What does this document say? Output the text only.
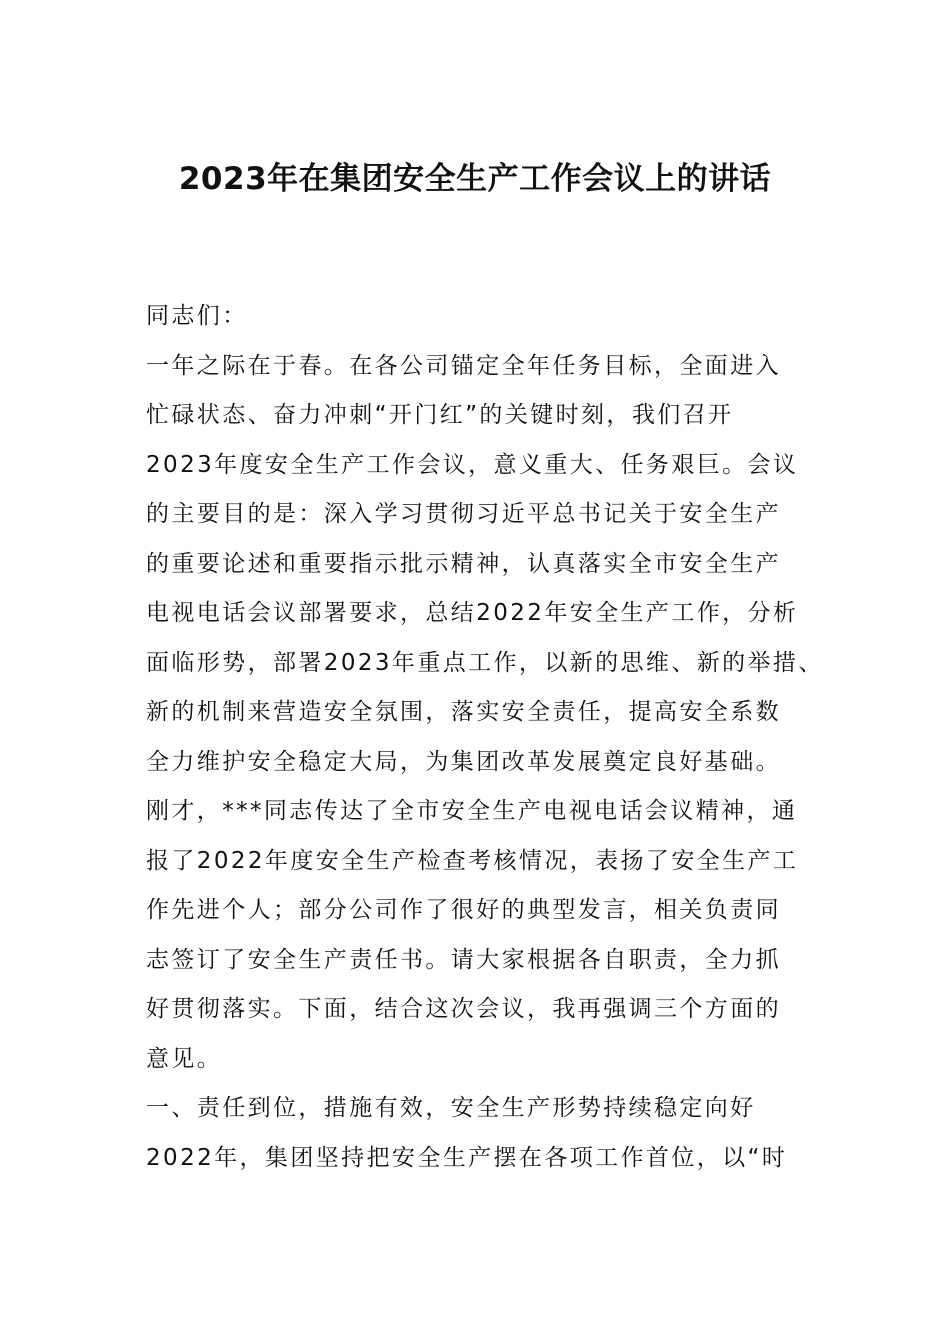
2023年在集团安全生产工作会议上的讲话
同志们：
一年之际在于春。在各公司锚定全年任务目标，全面进入
忙碌状态、奋力冲刺“开门红”的关键时刻，我们召开
2023年度安全生产工作会议，意义重大、任务艰巨。会议
的主要目的是：深入学习贯彻习近平总书记关于安全生产
的重要论述和重要指示批示精神，认真落实全市安全生产
电视电话会议部署要求，总结2022年安全生产工作，分析
面临形势，部署2023年重点工作，以新的思维、新的举措、
新的机制来营造安全氛围，落实安全责任，提高安全系数
全力维护安全稳定大局，为集团改革发展奠定良好基础。
刚才，***同志传达了全市安全生产电视电话会议精神，通
报了2022年度安全生产检查考核情况，表扬了安全生产工
作先进个人；部分公司作了很好的典型发言，相关负责同
志签订了安全生产责任书。请大家根据各自职责，全力抓
好贯彻落实。下面，结合这次会议，我再强调三个方面的
意见。
一、责任到位，措施有效，安全生产形势持续稳定向好
2022年，集团坚持把安全生产摆在各项工作首位，以“时
